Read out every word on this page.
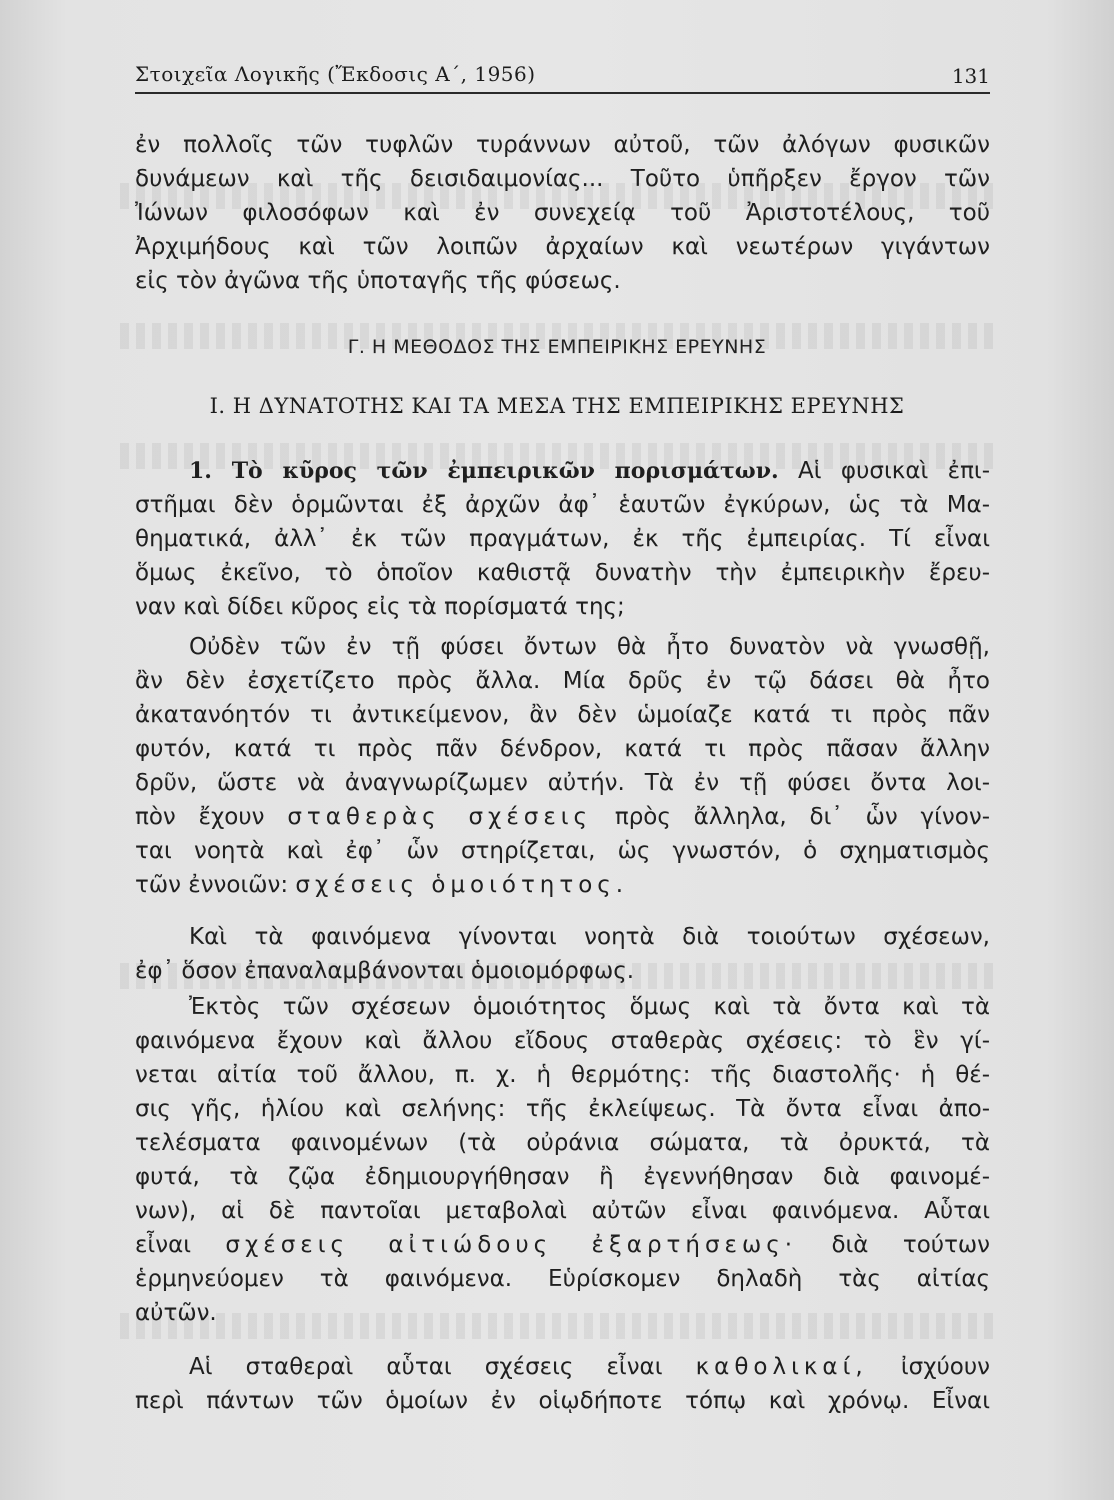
Στοιχεῖα Λογικῆς (Ἔκδοσις Α΄, 1956)	131
ἐν πολλοῖς τῶν τυφλῶν τυράννων αὐτοῦ, τῶν ἀλόγων φυσικῶν
δυνάμεων καὶ τῆς δεισιδαιμονίας... Τοῦτο ὑπῆρξεν ἔργον τῶν
Ἰώνων φιλοσόφων καὶ ἐν συνεχείᾳ τοῦ Ἀριστοτέλους, τοῦ
Ἀρχιμήδους καὶ τῶν λοιπῶν ἀρχαίων καὶ νεωτέρων γιγάντων
εἰς τὸν ἀγῶνα τῆς ὑποταγῆς τῆς φύσεως.
Γ. Η ΜΕΘΟΔΟΣ ΤΗΣ ΕΜΠΕΙΡΙΚΗΣ ΕΡΕΥΝΗΣ
I. Η ΔΥΝΑΤΟΤΗΣ ΚΑΙ ΤΑ ΜΕΣΑ ΤΗΣ ΕΜΠΕΙΡΙΚΗΣ ΕΡΕΥΝΗΣ
1. Τὸ κῦρος τῶν ἐμπειρικῶν πορισμάτων. Αἱ φυσικαὶ ἐπι-
στῆμαι δὲν ὁρμῶνται ἐξ ἀρχῶν ἀφ᾽ ἑαυτῶν ἐγκύρων, ὡς τὰ Μα-
θηματικά, ἀλλ᾽ ἐκ τῶν πραγμάτων, ἐκ τῆς ἐμπειρίας. Τί εἶναι
ὅμως ἐκεῖνο, τὸ ὁποῖον καθιστᾷ δυνατὴν τὴν ἐμπειρικὴν ἔρευ-
ναν καὶ δίδει κῦρος εἰς τὰ πορίσματά της;
Οὐδὲν τῶν ἐν τῇ φύσει ὄντων θὰ ἦτο δυνατὸν νὰ γνωσθῇ,
ἂν δὲν ἐσχετίζετο πρὸς ἄλλα. Μία δρῦς ἐν τῷ δάσει θὰ ἦτο
ἀκατανόητόν τι ἀντικείμενον, ἂν δὲν ὡμοίαζε κατά τι πρὸς πᾶν
φυτόν, κατά τι πρὸς πᾶν δένδρον, κατά τι πρὸς πᾶσαν ἄλλην
δρῦν, ὥστε νὰ ἀναγνωρίζωμεν αὐτήν. Τὰ ἐν τῇ φύσει ὄντα λοι-
πὸν ἔχουν σταθερὰς σχέσεις πρὸς ἄλληλα, δι᾽ ὧν γίνον-
ται νοητὰ καὶ ἐφ᾽ ὧν στηρίζεται, ὡς γνωστόν, ὁ σχηματισμὸς
τῶν ἐννοιῶν: σχέσεις ὁμοιότητος.
Καὶ τὰ φαινόμενα γίνονται νοητὰ διὰ τοιούτων σχέσεων,
ἐφ᾽ ὅσον ἐπαναλαμβάνονται ὁμοιομόρφως.
Ἐκτὸς τῶν σχέσεων ὁμοιότητος ὅμως καὶ τὰ ὄντα καὶ τὰ
φαινόμενα ἔχουν καὶ ἄλλου εἴδους σταθερὰς σχέσεις: τὸ ἓν γί-
νεται αἰτία τοῦ ἄλλου, π. χ. ἡ θερμότης: τῆς διαστολῆς· ἡ θέ-
σις γῆς, ἡλίου καὶ σελήνης: τῆς ἐκλείψεως. Τὰ ὄντα εἶναι ἀπο-
τελέσματα φαινομένων (τὰ οὐράνια σώματα, τὰ ὀρυκτά, τὰ
φυτά, τὰ ζῷα ἐδημιουργήθησαν ἢ ἐγεννήθησαν διὰ φαινομέ-
νων), αἱ δὲ παντοῖαι μεταβολαὶ αὐτῶν εἶναι φαινόμενα. Αὗται
εἶναι σχέσεις αἰτιώδους ἐξαρτήσεως· διὰ τούτων
ἑρμηνεύομεν τὰ φαινόμενα. Εὑρίσκομεν δηλαδὴ τὰς αἰτίας
αὐτῶν.
Αἱ σταθεραὶ αὗται σχέσεις εἶναι καθολικαί, ἰσχύουν
περὶ πάντων τῶν ὁμοίων ἐν οἱῳδήποτε τόπῳ καὶ χρόνῳ. Εἶναι
